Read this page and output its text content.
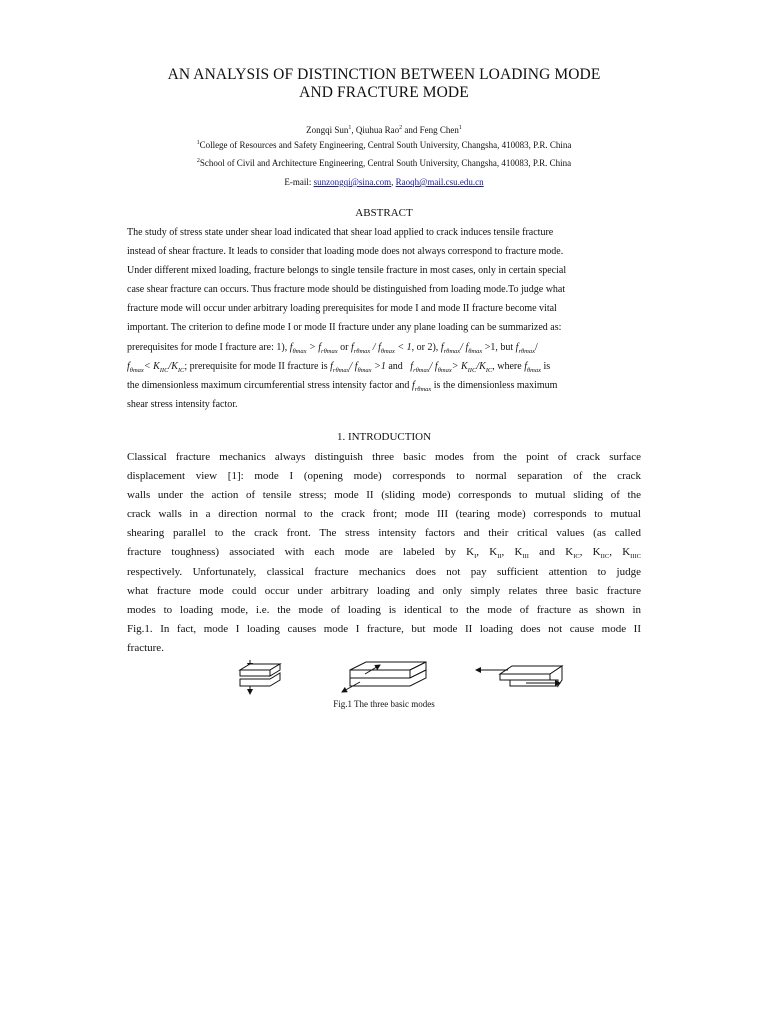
AN ANALYSIS OF DISTINCTION BETWEEN LOADING MODE
AND FRACTURE MODE
Zongqi Sun$^1$, Qiuhua Rao$^2$ and Feng Chen$^1$
$^1$College of Resources and Safety Engineering, Central South University, Changsha, 410083, P.R. China
$^2$School of Civil and Architecture Engineering, Central South University, Changsha, 410083, P.R. China
E-mail: sunzongqi@sina.com, Raoqh@mail.csu.edu.cn
ABSTRACT
The study of stress state under shear load indicated that shear load applied to crack induces tensile fracture
instead of shear fracture. It leads to consider that loading mode does not always correspond to fracture mode.
Under different mixed loading, fracture belongs to single tensile fracture in most cases, only in certain special
case shear fracture can occurs. Thus fracture mode should be distinguished from loading mode.To judge what
fracture mode will occur under arbitrary loading prerequisites for mode I and mode II fracture become vital
important. The criterion to define mode I or mode II fracture under any plane loading can be summarized as:
prerequisites for mode I fracture are: 1), $f_{\theta max} > f_{r\theta max}$ or $f_{r\theta max} / f_{\theta max} < 1$, or 2), $f_{r\theta max}/$ $f_{\theta max} >1$, but $f_{r\theta max}/$
$f_{\theta max}< K_{IIC}/K_{IC}$; prerequisite for mode II fracture is $f_{r\theta max}/$ $f_{\theta max} >1$ and   $f_{r\theta max}/$ $f_{\theta max}> K_{IIC}/K_{IC}$, where $f_{\theta max}$ is
the dimensionless maximum circumferential stress intensity factor and $f_{r\theta max}$ is the dimensionless maximum
shear stress intensity factor.
1. INTRODUCTION
Classical fracture mechanics always distinguish three basic modes from the point of crack surface
displacement view [1]: mode I (opening mode) corresponds to normal separation of the crack
walls under the action of tensile stress; mode II (sliding mode) corresponds to mutual sliding of the
crack walls in a direction normal to the crack front; mode III (tearing mode) corresponds to mutual
shearing parallel to the crack front. The stress intensity factors and their critical values (as called
fracture toughness) associated with each mode are labeled by $K_I$, $K_{II}$, $K_{III}$ and $K_{IC}$, $K_{IIC}$, $K_{IIIC}$
respectively. Unfortunately, classical fracture mechanics does not pay sufficient attention to judge
what fracture mode could occur under arbitrary loading and only simply relates three basic fracture
modes to loading mode, i.e. the mode of loading is identical to the mode of fracture as shown in
Fig.1. In fact, mode I loading causes mode I fracture, but mode II loading does not cause mode II
fracture.
Fig.1 The three basic modes
